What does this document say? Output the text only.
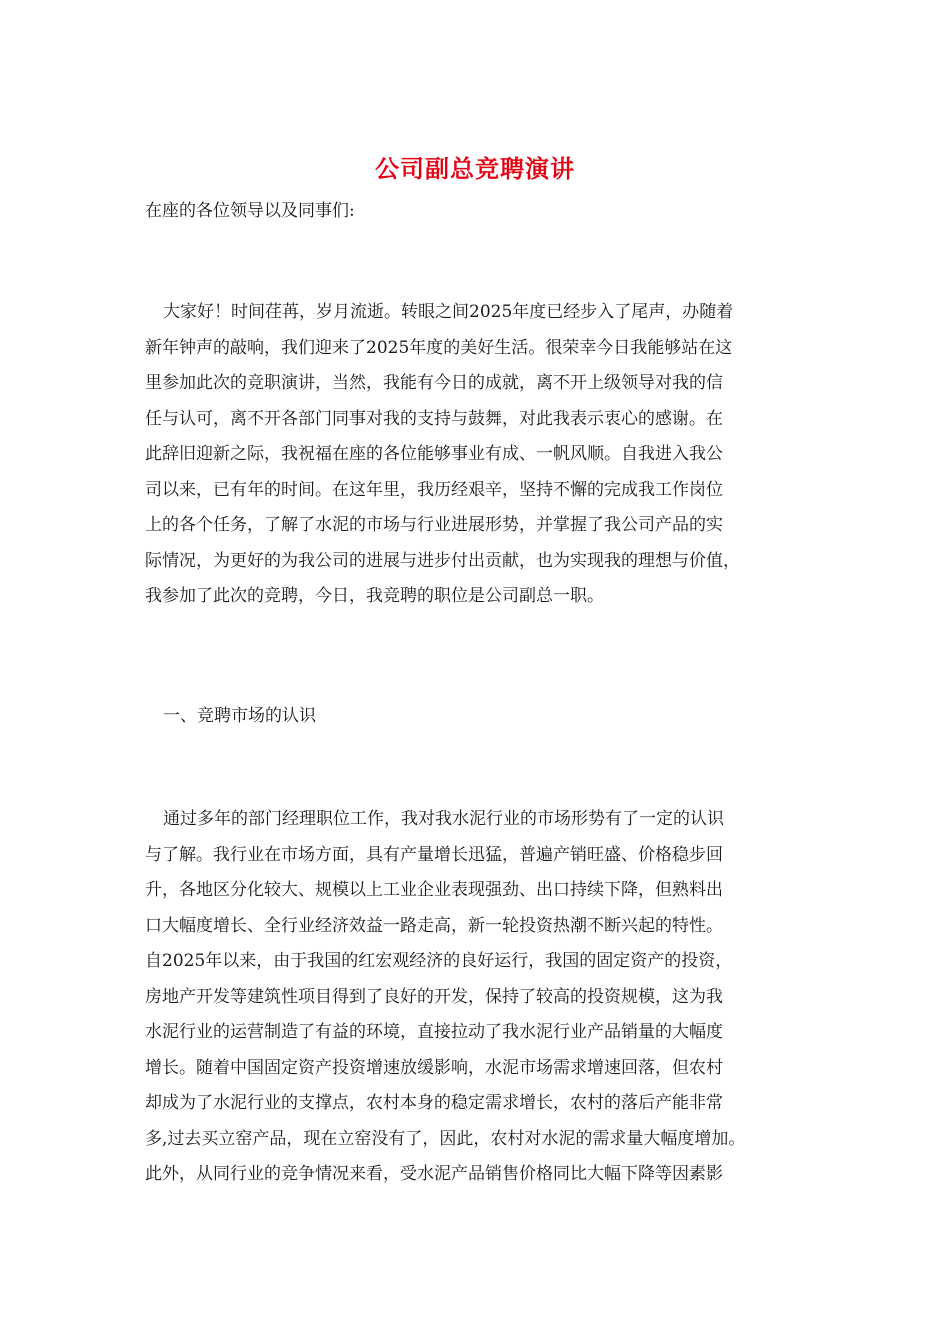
公司副总竞聘演讲
在座的各位领导以及同事们:
大家好！时间荏苒，岁月流逝。转眼之间2025年度已经步入了尾声，办随着
新年钟声的敲响，我们迎来了2025年度的美好生活。很荣幸今日我能够站在这
里参加此次的竞职演讲，当然，我能有今日的成就，离不开上级领导对我的信
任与认可，离不开各部门同事对我的支持与鼓舞，对此我表示衷心的感谢。在
此辞旧迎新之际，我祝福在座的各位能够事业有成、一帆风顺。自我进入我公
司以来，已有年的时间。在这年里，我历经艰辛，坚持不懈的完成我工作岗位
上的各个任务，了解了水泥的市场与行业进展形势，并掌握了我公司产品的实
际情况，为更好的为我公司的进展与进步付出贡献，也为实现我的理想与价值，
我参加了此次的竞聘，今日，我竞聘的职位是公司副总一职。
一、竞聘市场的认识
通过多年的部门经理职位工作，我对我水泥行业的市场形势有了一定的认识
与了解。我行业在市场方面，具有产量增长迅猛，普遍产销旺盛、价格稳步回
升，各地区分化较大、规模以上工业企业表现强劲、出口持续下降，但熟料出
口大幅度增长、全行业经济效益一路走高，新一轮投资热潮不断兴起的特性。
自2025年以来，由于我国的红宏观经济的良好运行，我国的固定资产的投资，
房地产开发等建筑性项目得到了良好的开发，保持了较高的投资规模，这为我
水泥行业的运营制造了有益的环境，直接拉动了我水泥行业产品销量的大幅度
增长。随着中国固定资产投资增速放缓影响，水泥市场需求增速回落，但农村
却成为了水泥行业的支撑点，农村本身的稳定需求增长，农村的落后产能非常
多,过去买立窑产品，现在立窑没有了，因此，农村对水泥的需求量大幅度增加。
此外，从同行业的竞争情况来看，受水泥产品销售价格同比大幅下降等因素影
